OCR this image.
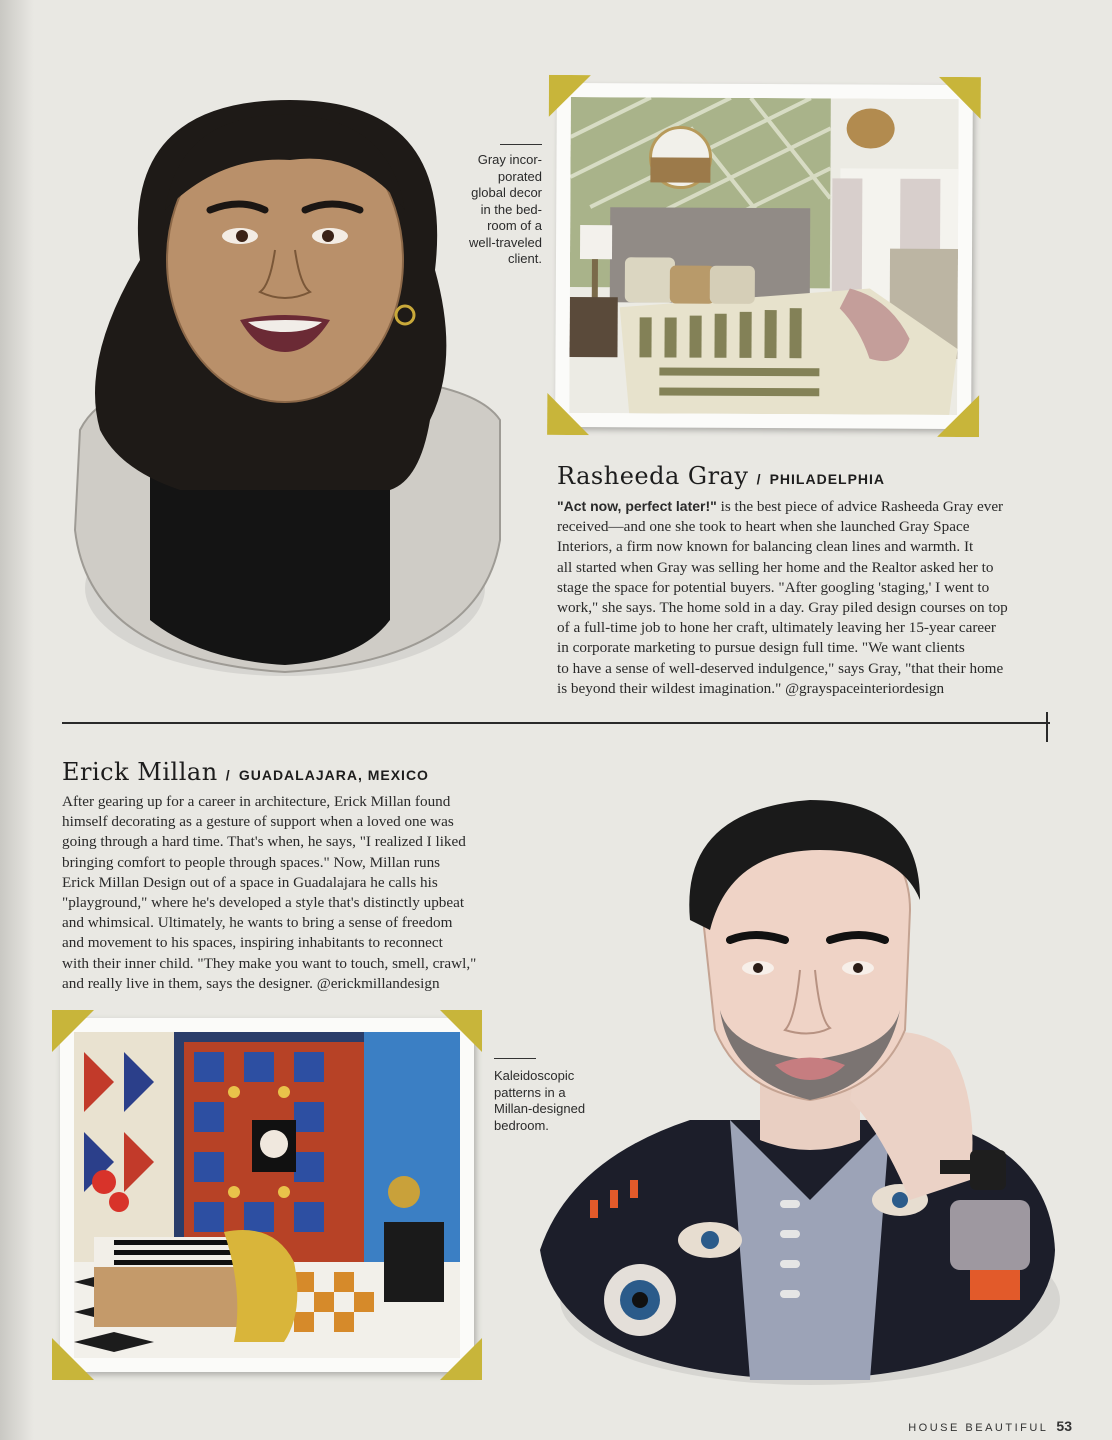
Gray incor-
porated
global decor
in the bed-
room of a
well-traveled
client.
Rasheeda Gray / PHILADELPHIA
"Act now, perfect later!" is the best piece of advice Rasheeda Gray ever
received—and one she took to heart when she launched Gray Space
Interiors, a firm now known for balancing clean lines and warmth. It
all started when Gray was selling her home and the Realtor asked her to
stage the space for potential buyers. "After googling 'staging,' I went to
work," she says. The home sold in a day. Gray piled design courses on top
of a full-time job to hone her craft, ultimately leaving her 15-year career
in corporate marketing to pursue design full time. "We want clients
to have a sense of well-deserved indulgence," says Gray, "that their home
is beyond their wildest imagination." @grayspaceinteriordesign
Erick Millan / GUADALAJARA, MEXICO
After gearing up for a career in architecture, Erick Millan found
himself decorating as a gesture of support when a loved one was
going through a hard time. That's when, he says, "I realized I liked
bringing comfort to people through spaces." Now, Millan runs
Erick Millan Design out of a space in Guadalajara he calls his
"playground," where he's developed a style that's distinctly upbeat
and whimsical. Ultimately, he wants to bring a sense of freedom
and movement to his spaces, inspiring inhabitants to reconnect
with their inner child. "They make you want to touch, smell, crawl,"
and really live in them, says the designer. @erickmillandesign
Kaleidoscopic
patterns in a
Millan-designed
bedroom.
HOUSE BEAUTIFUL 53
